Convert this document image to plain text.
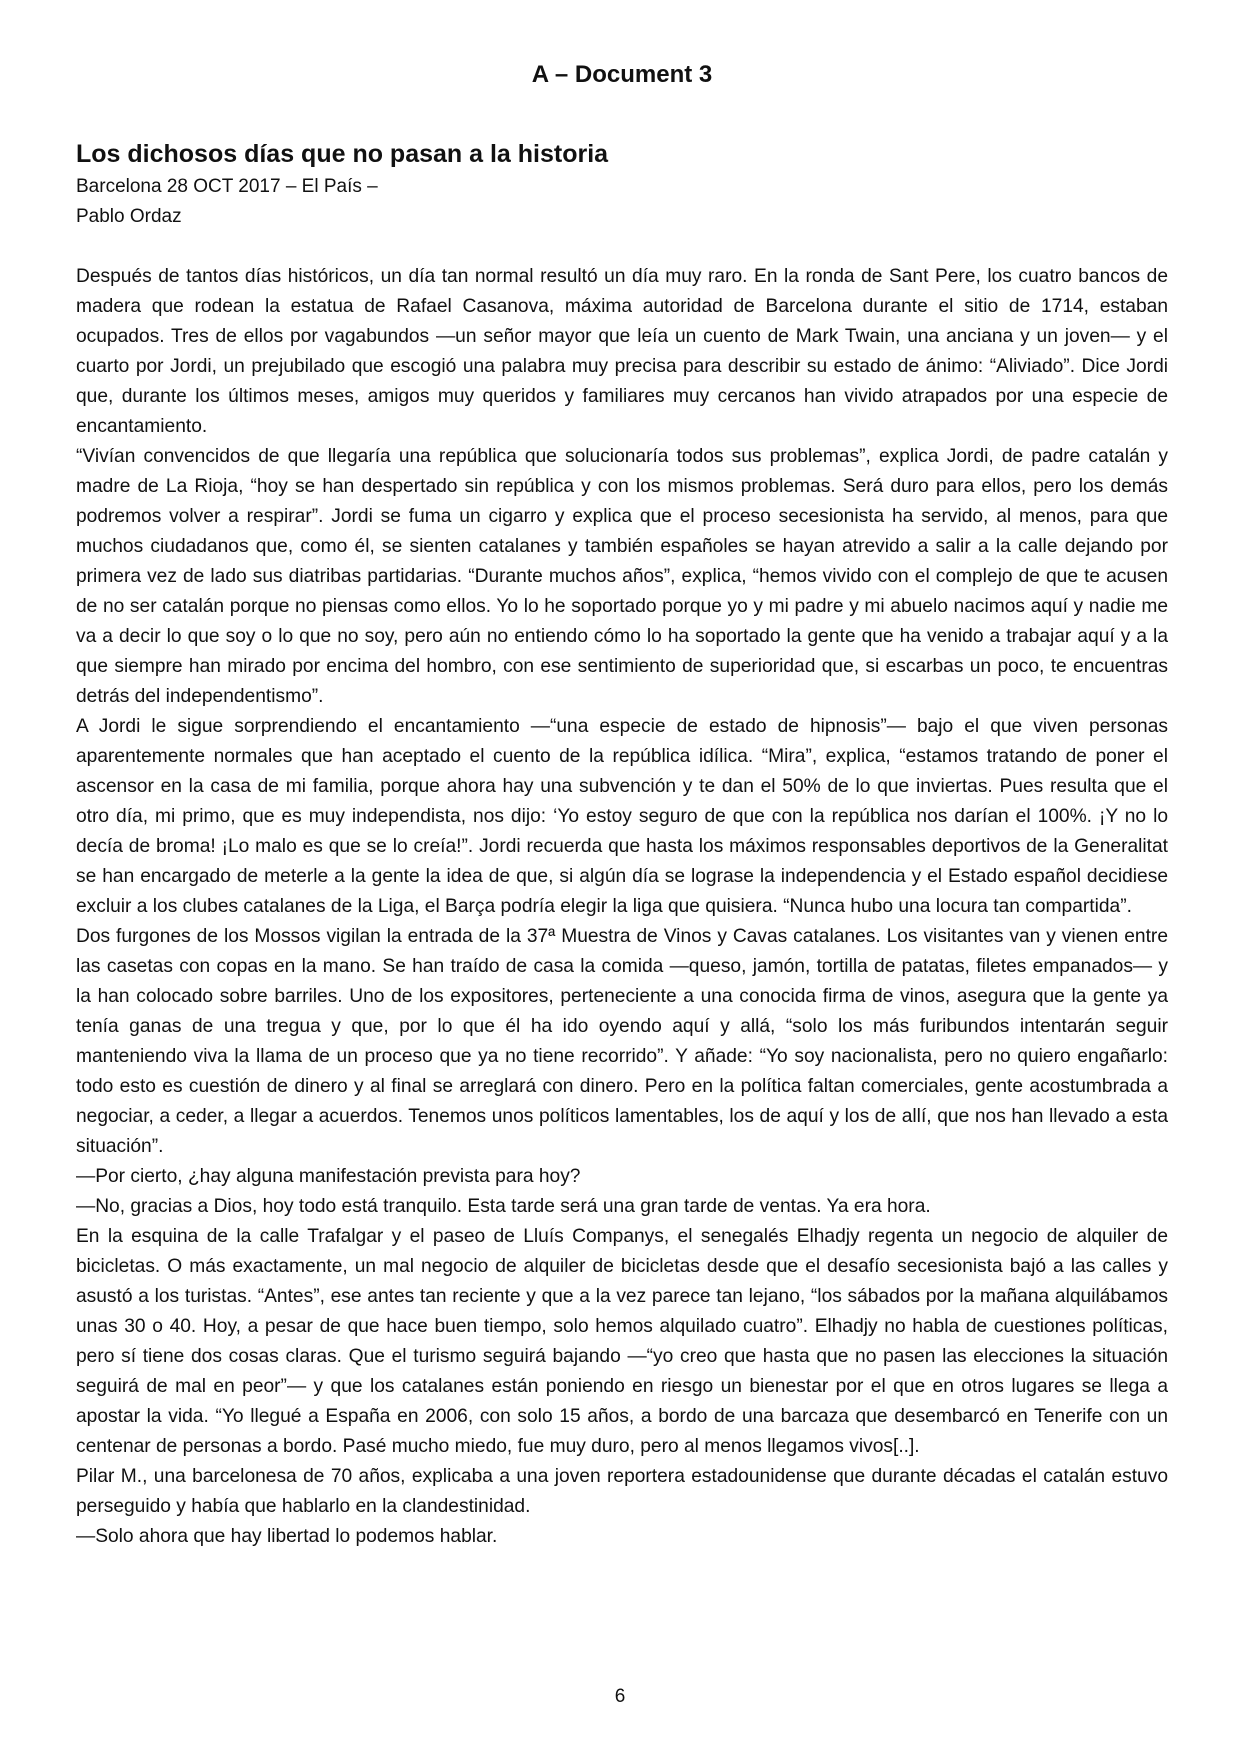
A – Document 3
Los dichosos días que no pasan a la historia

Barcelona 28 OCT 2017 – El País –

Pablo Ordaz

Después de tantos días históricos, un día tan normal resultó un día muy raro. En la ronda de Sant Pere, los cuatro bancos de madera que rodean la estatua de Rafael Casanova, máxima autoridad de Barcelona durante el sitio de 1714, estaban ocupados. Tres de ellos por vagabundos —un señor mayor que leía un cuento de Mark Twain, una anciana y un joven— y el cuarto por Jordi, un prejubilado que escogió una palabra muy precisa para describir su estado de ánimo: “Aliviado”. Dice Jordi que, durante los últimos meses, amigos muy queridos y familiares muy cercanos han vivido atrapados por una especie de encantamiento.

“Vivían convencidos de que llegaría una república que solucionaría todos sus problemas”, explica Jordi, de padre catalán y madre de La Rioja, “hoy se han despertado sin república y con los mismos problemas. Será duro para ellos, pero los demás podremos volver a respirar”. Jordi se fuma un cigarro y explica que el proceso secesionista ha servido, al menos, para que muchos ciudadanos que, como él, se sienten catalanes y también españoles se hayan atrevido a salir a la calle dejando por primera vez de lado sus diatribas partidarias. “Durante muchos años”, explica, “hemos vivido con el complejo de que te acusen de no ser catalán porque no piensas como ellos. Yo lo he soportado porque yo y mi padre y mi abuelo nacimos aquí y nadie me va a decir lo que soy o lo que no soy, pero aún no entiendo cómo lo ha soportado la gente que ha venido a trabajar aquí y a la que siempre han mirado por encima del hombro, con ese sentimiento de superioridad que, si escarbas un poco, te encuentras detrás del independentismo”.

A Jordi le sigue sorprendiendo el encantamiento —“una especie de estado de hipnosis”— bajo el que viven personas aparentemente normales que han aceptado el cuento de la república idílica. “Mira”, explica, “estamos tratando de poner el ascensor en la casa de mi familia, porque ahora hay una subvención y te dan el 50% de lo que inviertas. Pues resulta que el otro día, mi primo, que es muy independista, nos dijo: ‘Yo estoy seguro de que con la república nos darían el 100%. ¡Y no lo decía de broma! ¡Lo malo es que se lo creía!”. Jordi recuerda que hasta los máximos responsables deportivos de la Generalitat se han encargado de meterle a la gente la idea de que, si algún día se lograse la independencia y el Estado español decidiese excluir a los clubes catalanes de la Liga, el Barça podría elegir la liga que quisiera. “Nunca hubo una locura tan compartida”.

Dos furgones de los Mossos vigilan la entrada de la 37ª Muestra de Vinos y Cavas catalanes. Los visitantes van y vienen entre las casetas con copas en la mano. Se han traído de casa la comida —queso, jamón, tortilla de patatas, filetes empanados— y la han colocado sobre barriles. Uno de los expositores, perteneciente a una conocida firma de vinos, asegura que la gente ya tenía ganas de una tregua y que, por lo que él ha ido oyendo aquí y allá, “solo los más furibundos intentarán seguir manteniendo viva la llama de un proceso que ya no tiene recorrido”. Y añade: “Yo soy nacionalista, pero no quiero engañarlo: todo esto es cuestión de dinero y al final se arreglará con dinero. Pero en la política faltan comerciales, gente acostumbrada a negociar, a ceder, a llegar a acuerdos. Tenemos unos políticos lamentables, los de aquí y los de allí, que nos han llevado a esta situación”.

—Por cierto, ¿hay alguna manifestación prevista para hoy?

—No, gracias a Dios, hoy todo está tranquilo. Esta tarde será una gran tarde de ventas. Ya era hora.

En la esquina de la calle Trafalgar y el paseo de Lluís Companys, el senegalés Elhadjy regenta un negocio de alquiler de bicicletas. O más exactamente, un mal negocio de alquiler de bicicletas desde que el desafío secesionista bajó a las calles y asustó a los turistas. “Antes”, ese antes tan reciente y que a la vez parece tan lejano, “los sábados por la mañana alquilábamos unas 30 o 40. Hoy, a pesar de que hace buen tiempo, solo hemos alquilado cuatro”. Elhadjy no habla de cuestiones políticas, pero sí tiene dos cosas claras. Que el turismo seguirá bajando —“yo creo que hasta que no pasen las elecciones la situación seguirá de mal en peor”— y que los catalanes están poniendo en riesgo un bienestar por el que en otros lugares se llega a apostar la vida. “Yo llegué a España en 2006, con solo 15 años, a bordo de una barcaza que desembarcó en Tenerife con un centenar de personas a bordo. Pasé mucho miedo, fue muy duro, pero al menos llegamos vivos[..].

Pilar M., una barcelonesa de 70 años, explicaba a una joven reportera estadounidense que durante décadas el catalán estuvo perseguido y había que hablarlo en la clandestinidad.

—Solo ahora que hay libertad lo podemos hablar.

6
